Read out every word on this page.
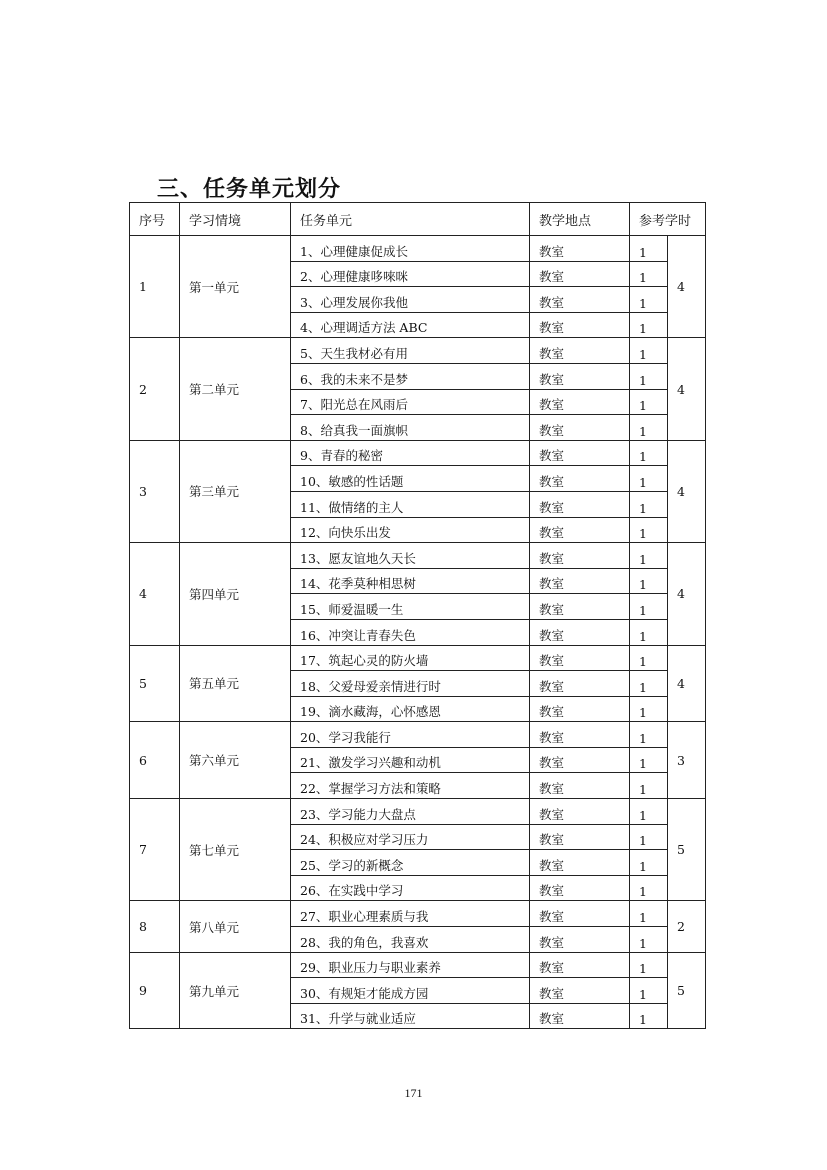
三、任务单元划分
序号	学习情境	任务单元	教学地点	参考学时	
1	第一单元	1、心理健康促成长	教室	1	4
		2、心理健康哆唻咪	教室	1	
		3、心理发展你我他	教室	1	
		4、心理调适方法 ABC	教室	1	
2	第二单元	5、天生我材必有用	教室	1	4
		6、我的未来不是梦	教室	1	
		7、阳光总在风雨后	教室	1	
		8、给真我一面旗帜	教室	1	
3	第三单元	9、青春的秘密	教室	1	4
		10、敏感的性话题	教室	1	
		11、做情绪的主人	教室	1	
		12、向快乐出发	教室	1	
4	第四单元	13、愿友谊地久天长	教室	1	4
		14、花季莫种相思树	教室	1	
		15、师爱温暖一生	教室	1	
		16、冲突让青春失色	教室	1	
5	第五单元	17、筑起心灵的防火墙	教室	1	4
		18、父爱母爱亲情进行时	教室	1	
		19、滴水藏海，心怀感恩	教室	1	
6	第六单元	20、学习我能行	教室	1	3
		21、激发学习兴趣和动机	教室	1	
		22、掌握学习方法和策略	教室	1	
7	第七单元	23、学习能力大盘点	教室	1	5
		24、积极应对学习压力	教室	1	
		25、学习的新概念	教室	1	
		26、在实践中学习	教室	1	
8	第八单元	27、职业心理素质与我	教室	1	2
		28、我的角色，我喜欢	教室	1	
9	第九单元	29、职业压力与职业素养	教室	1	5
		30、有规矩才能成方园	教室	1	
		31、升学与就业适应	教室	1	
171
